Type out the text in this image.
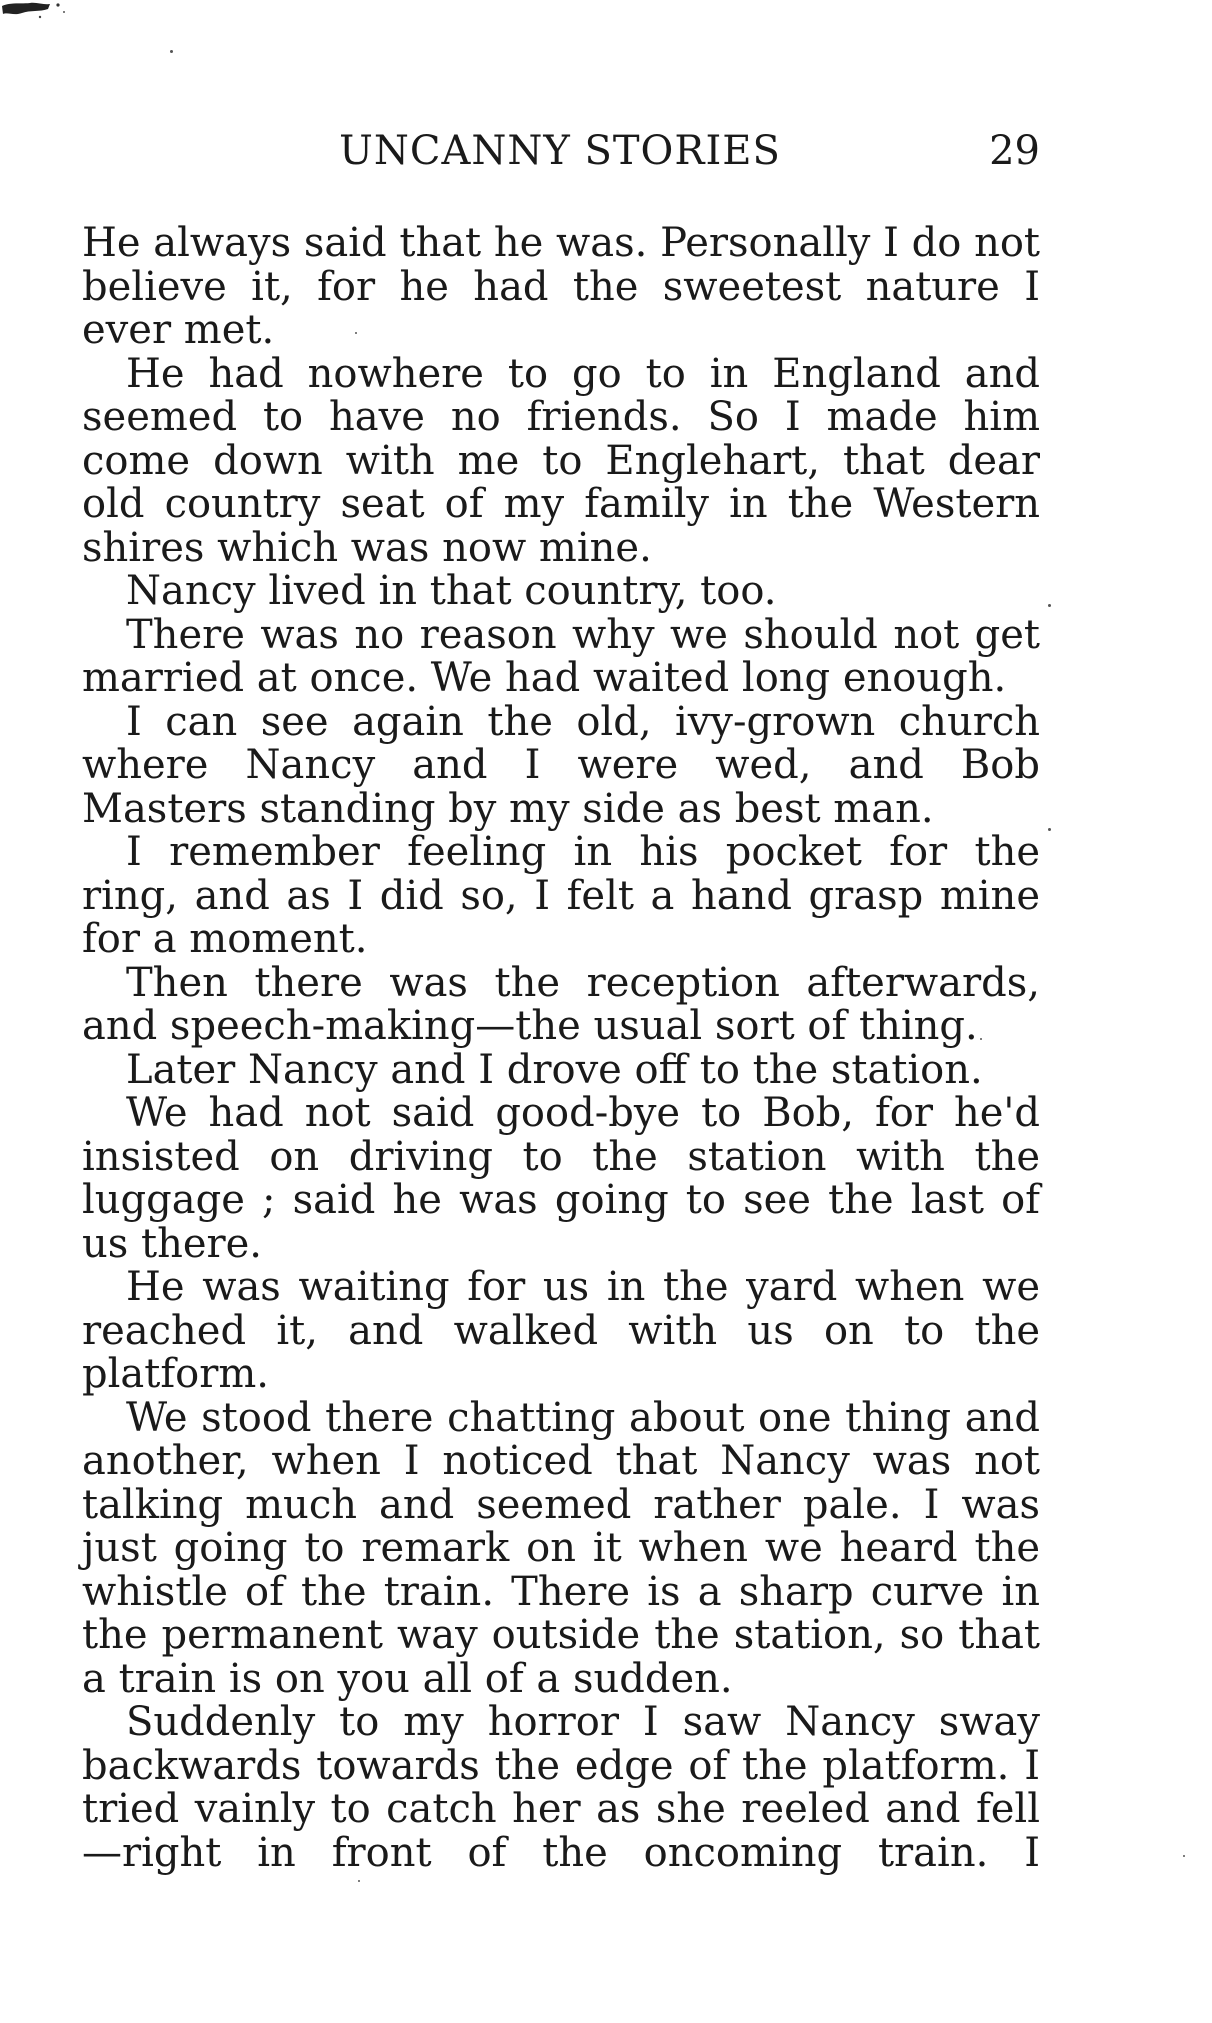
UNCANNY STORIES	29

He always said that he was. Personally I do not believe it, for he had the sweetest nature I ever met.

He had nowhere to go to in England and seemed to have no friends. So I made him come down with me to Englehart, that dear old country seat of my family in the Western shires which was now mine.

Nancy lived in that country, too.

There was no reason why we should not get married at once. We had waited long enough.

I can see again the old, ivy-grown church where Nancy and I were wed, and Bob Masters standing by my side as best man.

I remember feeling in his pocket for the ring, and as I did so, I felt a hand grasp mine for a moment.

Then there was the reception afterwards, and speech-making—the usual sort of thing.

Later Nancy and I drove off to the station.

We had not said good-bye to Bob, for he'd insisted on driving to the station with the luggage ; said he was going to see the last of us there.

He was waiting for us in the yard when we reached it, and walked with us on to the platform.

We stood there chatting about one thing and another, when I noticed that Nancy was not talking much and seemed rather pale. I was just going to remark on it when we heard the whistle of the train. There is a sharp curve in the permanent way outside the station, so that a train is on you all of a sudden.

Suddenly to my horror I saw Nancy sway backwards towards the edge of the platform. I tried vainly to catch her as she reeled and fell—right in front of the oncoming train. I
